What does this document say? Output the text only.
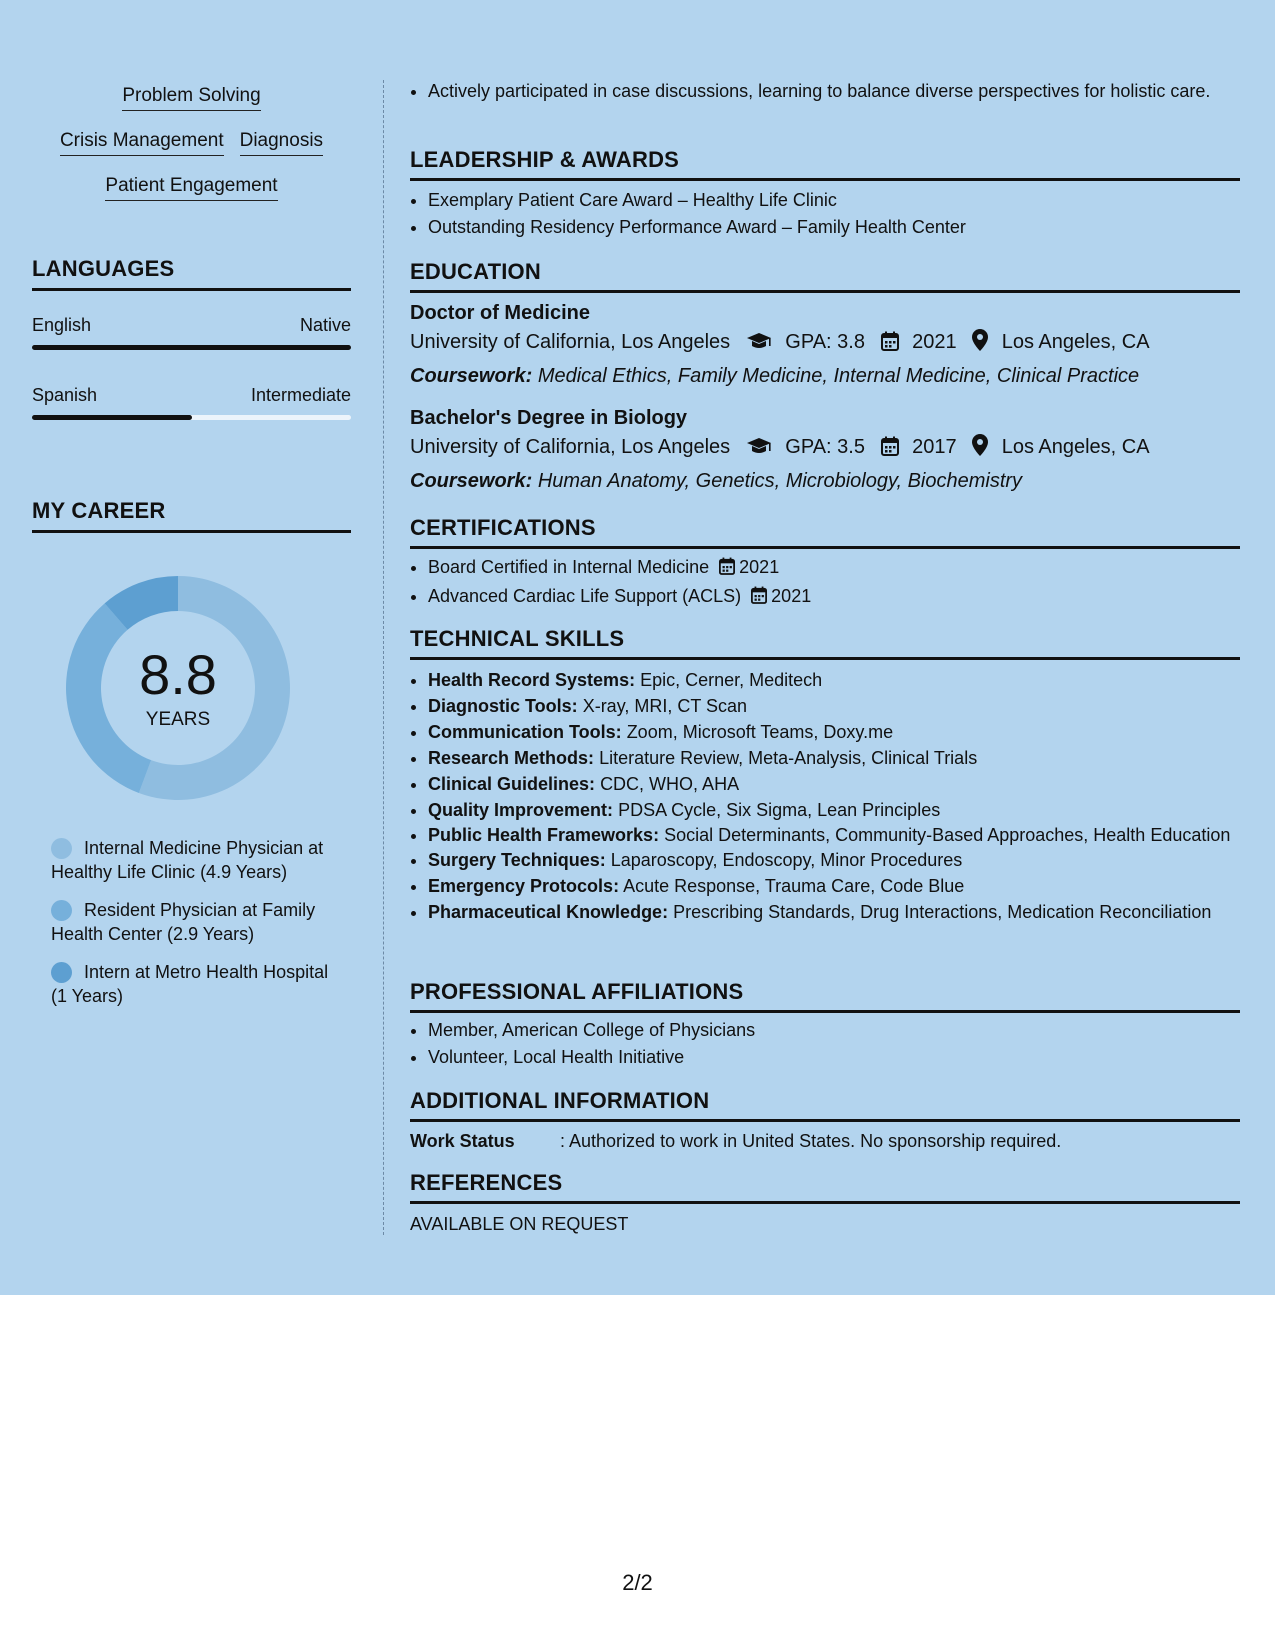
Problem Solving
Crisis Management Diagnosis
Patient Engagement
LANGUAGES
English	Native
Spanish	Intermediate
MY CAREER
8.8
YEARS
Internal Medicine Physician at Healthy Life Clinic (4.9 Years)
Resident Physician at Family Health Center (2.9 Years)
Intern at Metro Health Hospital (1 Years)
• Actively participated in case discussions, learning to balance diverse perspectives for holistic care.
LEADERSHIP & AWARDS
• Exemplary Patient Care Award – Healthy Life Clinic
• Outstanding Residency Performance Award – Family Health Center
EDUCATION
Doctor of Medicine
University of California, Los Angeles	GPA: 3.8 2021 Los Angeles, CA
Coursework: Medical Ethics, Family Medicine, Internal Medicine, Clinical Practice
Bachelor's Degree in Biology
University of California, Los Angeles	GPA: 3.5 2017 Los Angeles, CA
Coursework: Human Anatomy, Genetics, Microbiology, Biochemistry
CERTIFICATIONS
• Board Certified in Internal Medicine 2021
• Advanced Cardiac Life Support (ACLS) 2021
TECHNICAL SKILLS
• Health Record Systems: Epic, Cerner, Meditech
• Diagnostic Tools: X-ray, MRI, CT Scan
• Communication Tools: Zoom, Microsoft Teams, Doxy.me
• Research Methods: Literature Review, Meta-Analysis, Clinical Trials
• Clinical Guidelines: CDC, WHO, AHA
• Quality Improvement: PDSA Cycle, Six Sigma, Lean Principles
• Public Health Frameworks: Social Determinants, Community-Based Approaches, Health Education
• Surgery Techniques: Laparoscopy, Endoscopy, Minor Procedures
• Emergency Protocols: Acute Response, Trauma Care, Code Blue
• Pharmaceutical Knowledge: Prescribing Standards, Drug Interactions, Medication Reconciliation
PROFESSIONAL AFFILIATIONS
• Member, American College of Physicians
• Volunteer, Local Health Initiative
ADDITIONAL INFORMATION
Work Status	: Authorized to work in United States. No sponsorship required.
REFERENCES
AVAILABLE ON REQUEST
2/2
